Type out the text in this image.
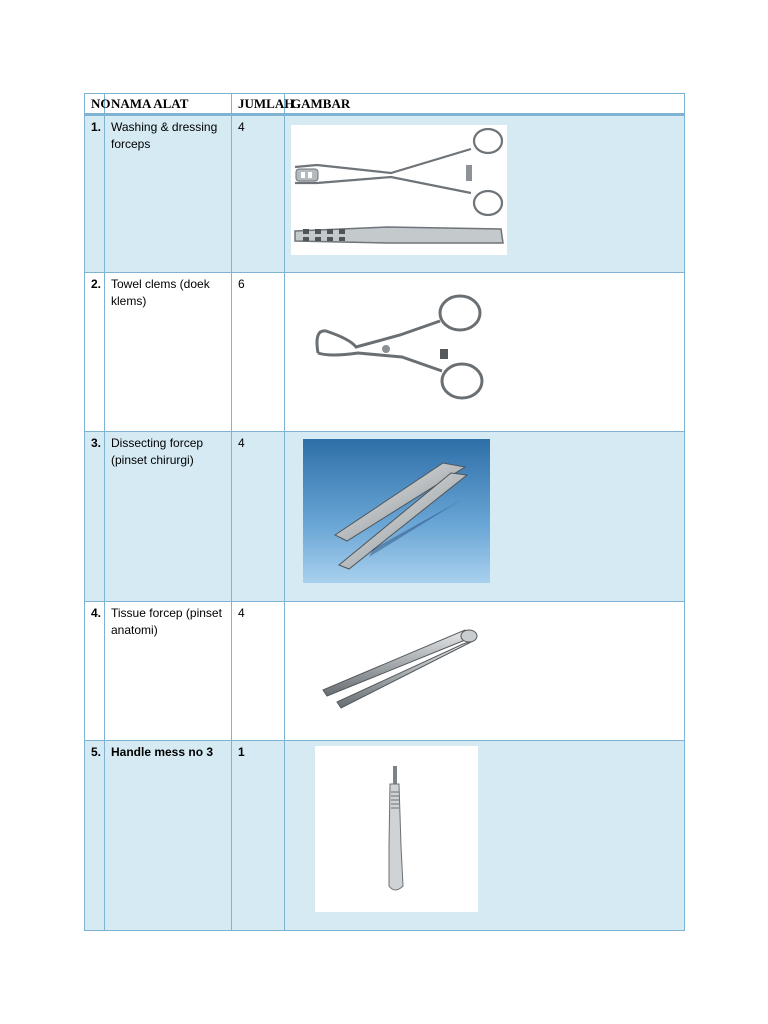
NO	NAMA ALAT	JUMLAH	GAMBAR
1.	Washing & dressing forceps	4	

2.	Towel clems (doek klems)	6	

3.	Dissecting forcep (pinset chirurgi)	4	

4.	Tissue forcep (pinset anatomi)	4	

5.	Handle mess no 3	1	
